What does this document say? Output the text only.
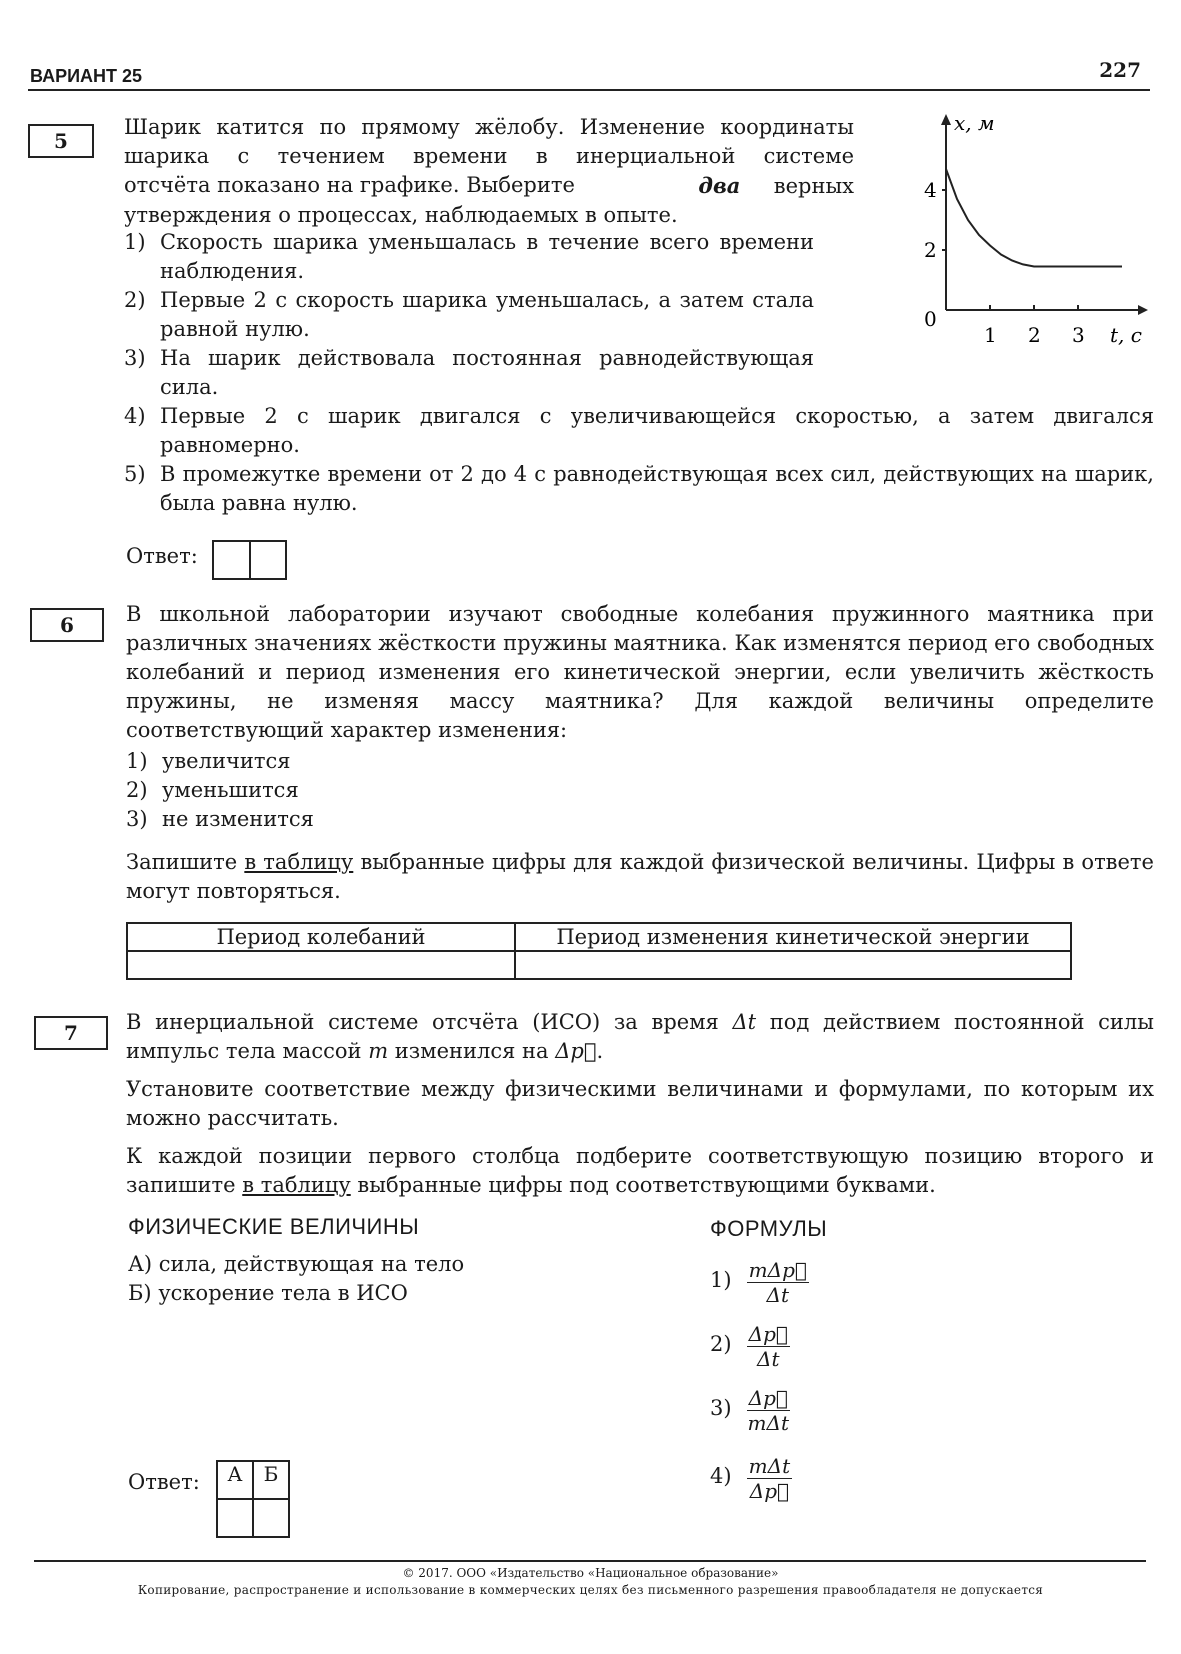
ВАРИАНТ 25	227
5
Шарик катится по прямому жёлобу. Изменение координаты
шарика с течением времени в инерциальной системе
отсчёта показано на графике. Выберите	два верных
утверждения о процессах, наблюдаемых в опыте.
x, м
t, с
0
1 2 3
2
4
1) Скорость шарика уменьшалась в течение всего времени наблюдения.
2) Первые 2 с скорость шарика уменьшалась, а затем стала равной нулю.
3) На шарик действовала постоянная равнодействующая сила.
4) Первые 2 с шарик двигался с увеличивающейся скоростью, а затем двигался равномерно.
5) В промежутке времени от 2 до 4 с равнодействующая всех сил, действующих на шарик, была равна нулю.
Ответ:
6	В школьной лаборатории изучают свободные колебания пружинного маятника при различных значениях жёсткости пружины маятника. Как изменятся период его свободных колебаний и период изменения его кинетической энергии, если увеличить жёсткость пружины, не изменяя массу маятника? Для каждой величины определите соответствующий характер изменения:
1) увеличится
2) уменьшится
3) не изменится
Запишите в таблицу выбранные цифры для каждой физической величины. Цифры в ответе могут повторяться.
Период колебаний	Период изменения кинетической энергии

7	В инерциальной системе отсчёта (ИСО) за время Δt под действием постоянной силы импульс тела массой m изменился на Δp⃗.
Установите соответствие между физическими величинами и формулами, по которым их можно рассчитать.
К каждой позиции первого столбца подберите соответствующую позицию второго и запишите в таблицу выбранные цифры под соответствующими буквами.
ФИЗИЧЕСКИЕ ВЕЛИЧИНЫ	ФОРМУЛЫ
А) сила, действующая на тело
Б) ускорение тела в ИСО
$1) \frac{\text{mΔp⃗}}{\Delta t}$
$2) \frac{\Delta p⃗}{\Delta t}$
$3) \frac{\Delta p⃗}{\text{mΔt}}$
$4) \frac{\text{mΔt}}{\Delta p⃗}$
Ответ: А	Б

© 2017. ООО «Издательство «Национальное образование»
Копирование, распространение и использование в коммерческих целях без письменного разрешения правообладателя не допускается
